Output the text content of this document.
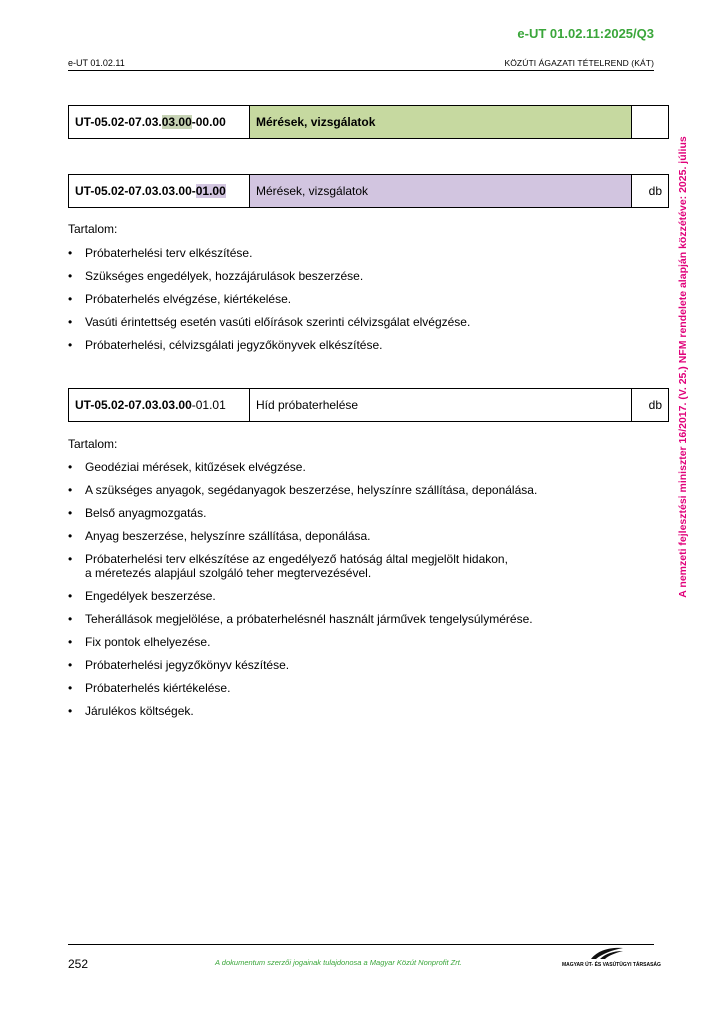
e-UT 01.02.11:2025/Q3
e-UT 01.02.11	KÖZÚTI ÁGAZATI TÉTELREND (KÁT)
UT-05.02-07.03.03.00-00.00	Mérések, vizsgálatok	
UT-05.02-07.03.03.00-01.00	Mérések, vizsgálatok	db
Tartalom:
• Próbaterhelési terv elkészítése.
• Szükséges engedélyek, hozzájárulások beszerzése.
• Próbaterhelés elvégzése, kiértékelése.
• Vasúti érintettség esetén vasúti előírások szerinti célvizsgálat elvégzése.
• Próbaterhelési, célvizsgálati jegyzőkönyvek elkészítése.
UT-05.02-07.03.03.00-01.01	Híd próbaterhelése	db
Tartalom:
• Geodéziai mérések, kitűzések elvégzése.
• A szükséges anyagok, segédanyagok beszerzése, helyszínre szállítása, deponálása.
• Belső anyagmozgatás.
• Anyag beszerzése, helyszínre szállítása, deponálása.
• Próbaterhelési terv elkészítése az engedélyező hatóság által megjelölt hidakon,
a méretezés alapjául szolgáló teher megtervezésével.
• Engedélyek beszerzése.
• Teherállások megjelölése, a próbaterhelésnél használt járművek tengelysúlymérése.
• Fix pontok elhelyezése.
• Próbaterhelési jegyzőkönyv készítése.
• Próbaterhelés kiértékelése.
• Járulékos költségek.
A nemzeti fejlesztési miniszter 16/2017. (V. 25.) NFM rendelete alapján közzétéve: 2025. július
252	A dokumentum szerzői jogainak tulajdonosa a Magyar Közút Nonprofit Zrt.	MAGYAR ÚT- ÉS VASÚTÜGYI TÁRSASÁG
